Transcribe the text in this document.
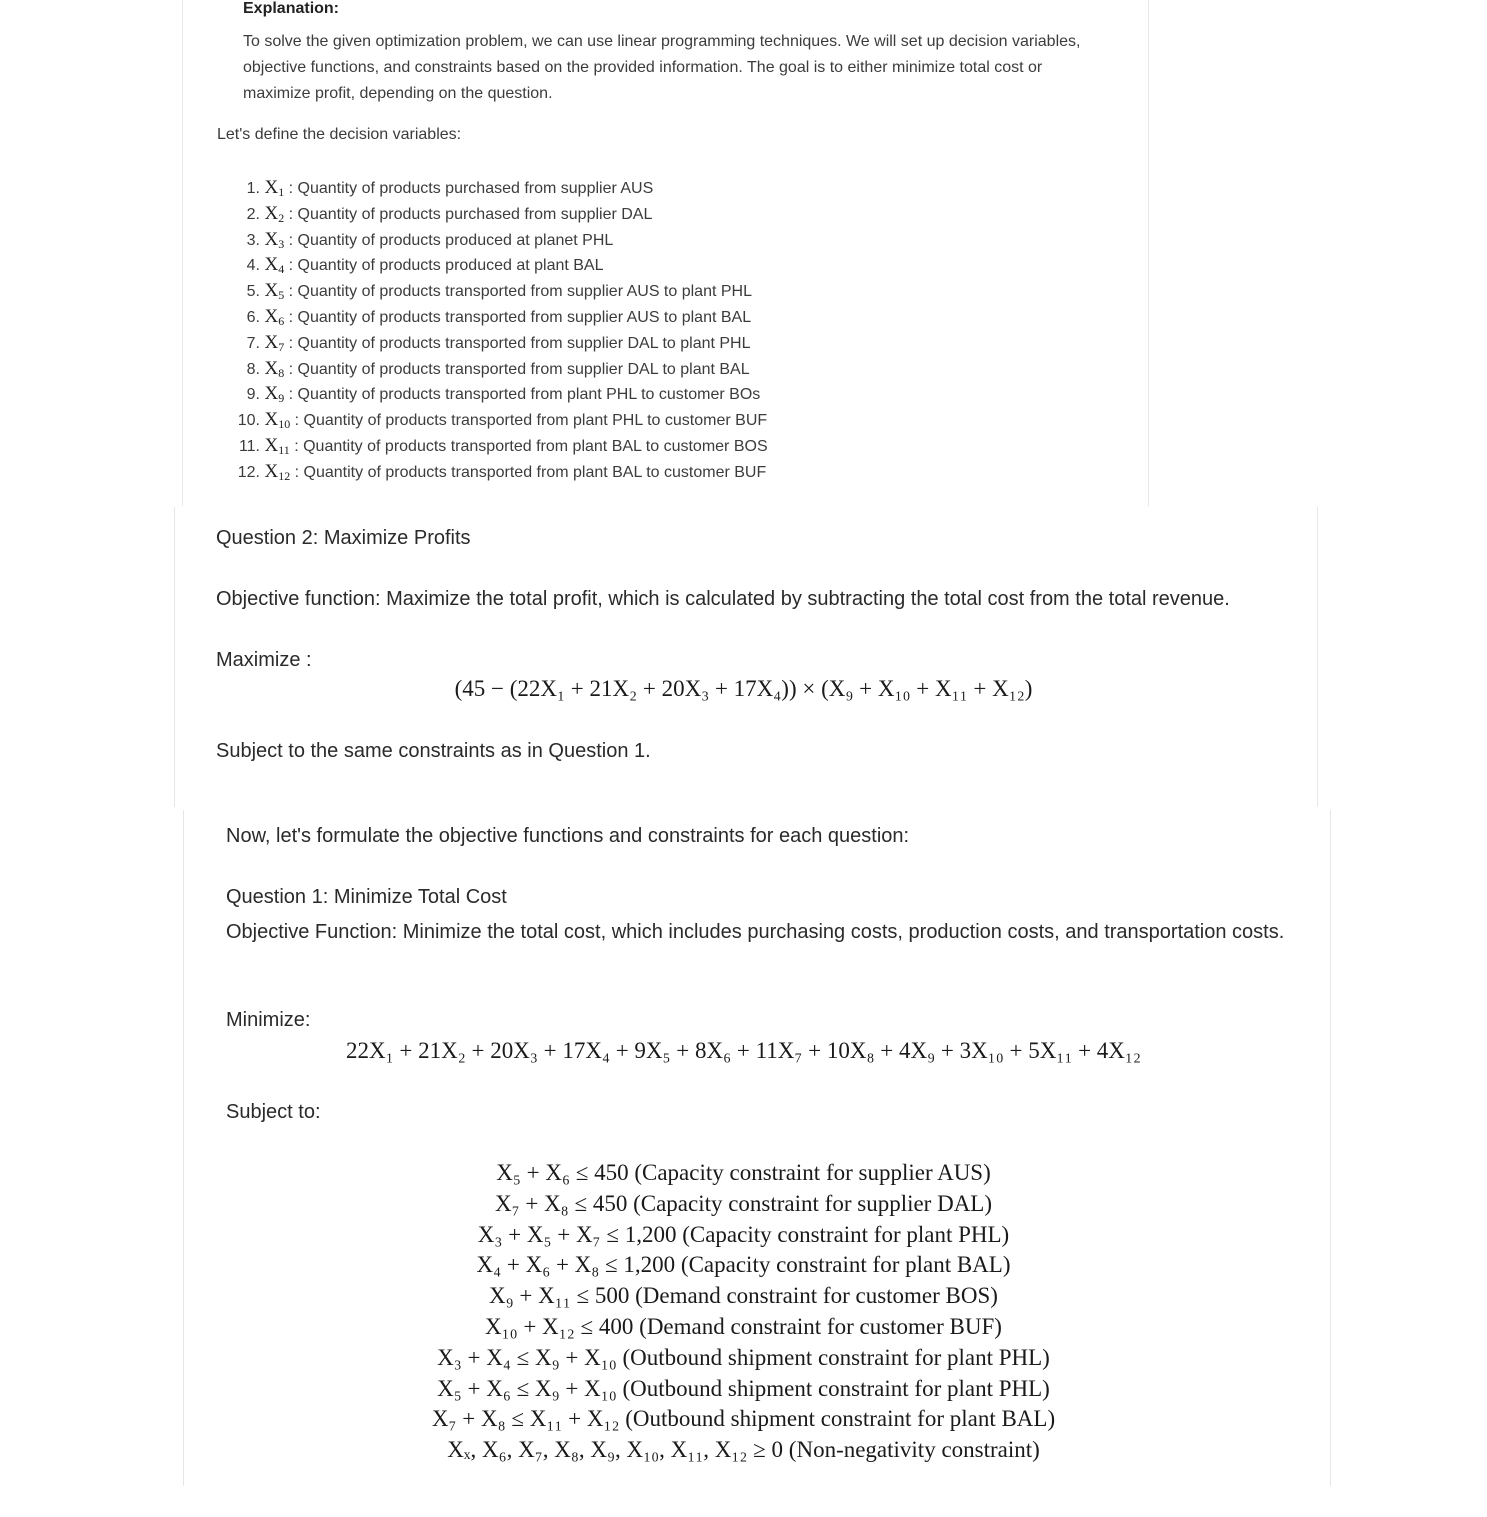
Explanation:

To solve the given optimization problem, we can use linear programming techniques. We will set up decision variables, objective functions, and constraints based on the provided information. The goal is to either minimize total cost or maximize profit, depending on the question.

Let's define the decision variables:

1. $X_1$ : Quantity of products purchased from supplier AUS
2. $X_2$ : Quantity of products purchased from supplier DAL
3. $X_3$ : Quantity of products produced at planet PHL
4. $X_4$ : Quantity of products produced at plant BAL
5. $X_5$ : Quantity of products transported from supplier AUS to plant PHL
6. $X_6$ : Quantity of products transported from supplier AUS to plant BAL
7. $X_7$ : Quantity of products transported from supplier DAL to plant PHL
8. $X_8$ : Quantity of products transported from supplier DAL to plant BAL
9. $X_9$ : Quantity of products transported from plant PHL to customer BOs
10. $X_{10}$ : Quantity of products transported from plant PHL to customer BUF
11. $X_{11}$ : Quantity of products transported from plant BAL to customer BOS
12. $X_{12}$ : Quantity of products transported from plant BAL to customer BUF

Question 2: Maximize Profits

Objective function: Maximize the total profit, which is calculated by subtracting the total cost from the total revenue.

Maximize :

(45 − (22X₁ + 21X₂ + 20X₃ + 17X₄)) × (X₉ + X₁₀ + X₁₁ + X₁₂)

Subject to the same constraints as in Question 1.

Now, let's formulate the objective functions and constraints for each question:

Question 1: Minimize Total Cost

Objective Function: Minimize the total cost, which includes purchasing costs, production costs, and transportation costs.

Minimize:

22X₁ + 21X₂ + 20X₃ + 17X₄ + 9X₅ + 8X₆ + 11X₇ + 10X₈ + 4X₉ + 3X₁₀ + 5X₁₁ + 4X₁₂

Subject to:

X₅ + X₆ ≤ 450 (Capacity constraint for supplier AUS)
X₇ + X₈ ≤ 450 (Capacity constraint for supplier DAL)
X₃ + X₅ + X₇ ≤ 1,200 (Capacity constraint for plant PHL)
X₄ + X₆ + X₈ ≤ 1,200 (Capacity constraint for plant BAL)
X₉ + X₁₁ ≤ 500 (Demand constraint for customer BOS)
X₁₀ + X₁₂ ≤ 400 (Demand constraint for customer BUF)
X₃ + X₄ ≤ X₉ + X₁₀ (Outbound shipment constraint for plant PHL)
X₅ + X₆ ≤ X₉ + X₁₀ (Outbound shipment constraint for plant PHL)
X₇ + X₈ ≤ X₁₁ + X₁₂ (Outbound shipment constraint for plant BAL)
Xₓ, X₆, X₇, X₈, X₉, X₁₀, X₁₁, X₁₂ ≥ 0 (Non-negativity constraint)
